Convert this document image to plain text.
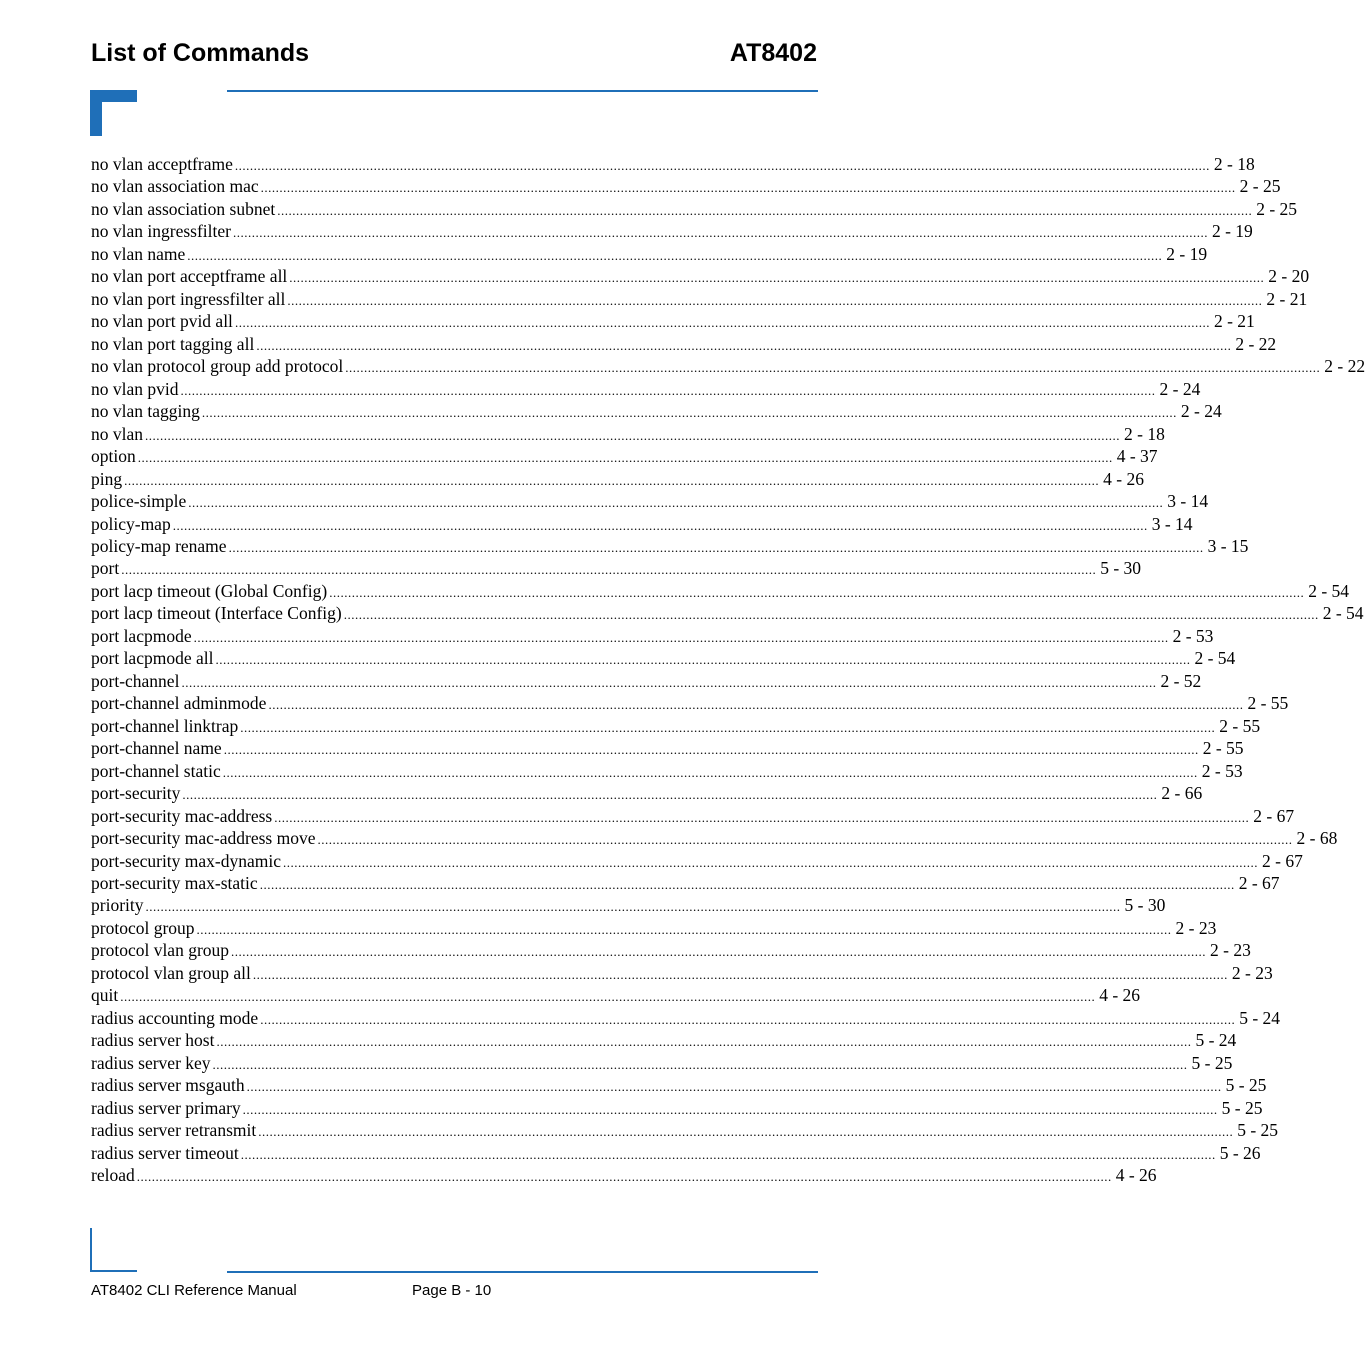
List of Commands	AT8402
no vlan acceptframe .................................................................................................................................................................................................................................................................... 2 - 18
no vlan association mac .................................................................................................................................................................................................................................................................... 2 - 25
no vlan association subnet .................................................................................................................................................................................................................................................................... 2 - 25
no vlan ingressfilter .................................................................................................................................................................................................................................................................... 2 - 19
no vlan name .................................................................................................................................................................................................................................................................... 2 - 19
no vlan port acceptframe all .................................................................................................................................................................................................................................................................... 2 - 20
no vlan port ingressfilter all .................................................................................................................................................................................................................................................................... 2 - 21
no vlan port pvid all .................................................................................................................................................................................................................................................................... 2 - 21
no vlan port tagging all .................................................................................................................................................................................................................................................................... 2 - 22
no vlan protocol group add protocol .................................................................................................................................................................................................................................................................... 2 - 22
no vlan pvid .................................................................................................................................................................................................................................................................... 2 - 24
no vlan tagging .................................................................................................................................................................................................................................................................... 2 - 24
no vlan .................................................................................................................................................................................................................................................................... 2 - 18
option .................................................................................................................................................................................................................................................................... 4 - 37
ping .................................................................................................................................................................................................................................................................... 4 - 26
police-simple .................................................................................................................................................................................................................................................................... 3 - 14
policy-map .................................................................................................................................................................................................................................................................... 3 - 14
policy-map rename .................................................................................................................................................................................................................................................................... 3 - 15
port .................................................................................................................................................................................................................................................................... 5 - 30
port lacp timeout (Global Config) .................................................................................................................................................................................................................................................................... 2 - 54
port lacp timeout (Interface Config) .................................................................................................................................................................................................................................................................... 2 - 54
port lacpmode .................................................................................................................................................................................................................................................................... 2 - 53
port lacpmode all .................................................................................................................................................................................................................................................................... 2 - 54
port-channel .................................................................................................................................................................................................................................................................... 2 - 52
port-channel adminmode .................................................................................................................................................................................................................................................................... 2 - 55
port-channel linktrap .................................................................................................................................................................................................................................................................... 2 - 55
port-channel name .................................................................................................................................................................................................................................................................... 2 - 55
port-channel static .................................................................................................................................................................................................................................................................... 2 - 53
port-security .................................................................................................................................................................................................................................................................... 2 - 66
port-security mac-address .................................................................................................................................................................................................................................................................... 2 - 67
port-security mac-address move .................................................................................................................................................................................................................................................................... 2 - 68
port-security max-dynamic .................................................................................................................................................................................................................................................................... 2 - 67
port-security max-static .................................................................................................................................................................................................................................................................... 2 - 67
priority .................................................................................................................................................................................................................................................................... 5 - 30
protocol group .................................................................................................................................................................................................................................................................... 2 - 23
protocol vlan group .................................................................................................................................................................................................................................................................... 2 - 23
protocol vlan group all .................................................................................................................................................................................................................................................................... 2 - 23
quit .................................................................................................................................................................................................................................................................... 4 - 26
radius accounting mode .................................................................................................................................................................................................................................................................... 5 - 24
radius server host .................................................................................................................................................................................................................................................................... 5 - 24
radius server key .................................................................................................................................................................................................................................................................... 5 - 25
radius server msgauth .................................................................................................................................................................................................................................................................... 5 - 25
radius server primary .................................................................................................................................................................................................................................................................... 5 - 25
radius server retransmit .................................................................................................................................................................................................................................................................... 5 - 25
radius server timeout .................................................................................................................................................................................................................................................................... 5 - 26
reload .................................................................................................................................................................................................................................................................... 4 - 26
AT8402 CLI Reference Manual	Page B - 10
